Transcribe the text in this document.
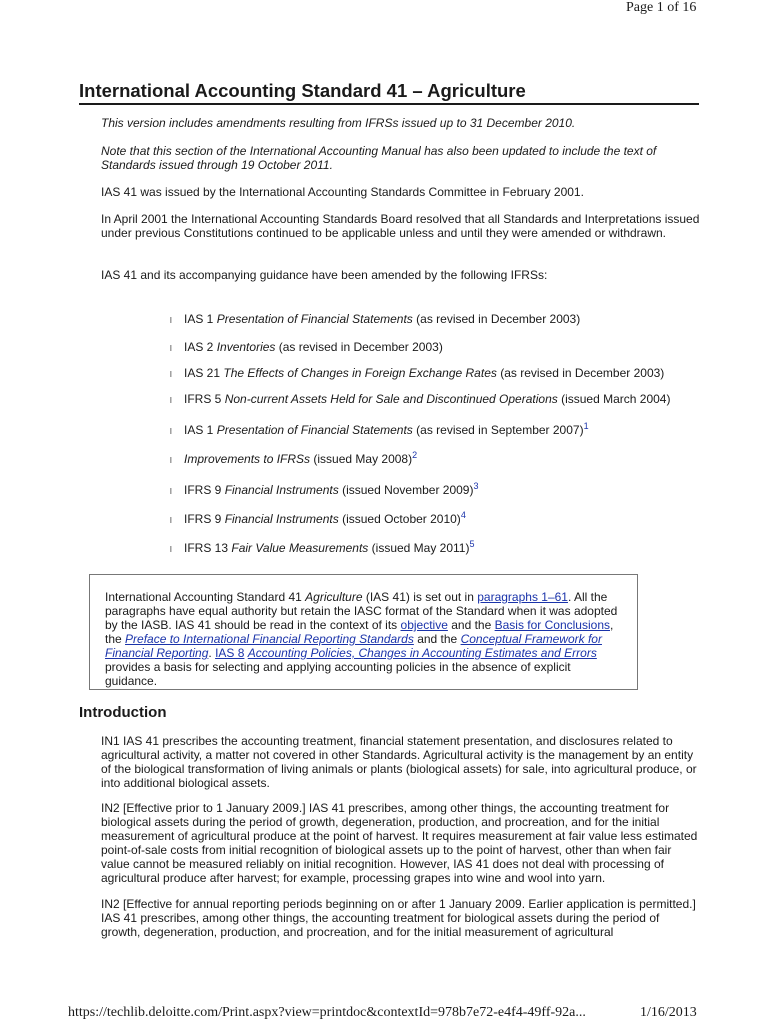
Page 1 of 16
International Accounting Standard 41 – Agriculture

This version includes amendments resulting from IFRSs issued up to 31 December 2010.

Note that this section of the International Accounting Manual has also been updated to include the text of Standards issued through 19 October 2011.

IAS 41 was issued by the International Accounting Standards Committee in February 2001.

In April 2001 the International Accounting Standards Board resolved that all Standards and Interpretations issued under previous Constitutions continued to be applicable unless and until they were amended or withdrawn.

IAS 41 and its accompanying guidance have been amended by the following IFRSs:

l IAS 1 Presentation of Financial Statements (as revised in December 2003)
l IAS 2 Inventories (as revised in December 2003)
l IAS 21 The Effects of Changes in Foreign Exchange Rates (as revised in December 2003)
l IFRS 5 Non-current Assets Held for Sale and Discontinued Operations (issued March 2004)
l IAS 1 Presentation of Financial Statements (as revised in September 2007)$^1$
l Improvements to IFRSs (issued May 2008)$^2$
l IFRS 9 Financial Instruments (issued November 2009)$^3$
l IFRS 9 Financial Instruments (issued October 2010)$^4$
l IFRS 13 Fair Value Measurements (issued May 2011)$^5$

International Accounting Standard 41 Agriculture (IAS 41) is set out in paragraphs 1–61. All the paragraphs have equal authority but retain the IASC format of the Standard when it was adopted by the IASB. IAS 41 should be read in the context of its objective and the Basis for Conclusions, the Preface to International Financial Reporting Standards and the Conceptual Framework for Financial Reporting. IAS 8 Accounting Policies, Changes in Accounting Estimates and Errors provides a basis for selecting and applying accounting policies in the absence of explicit guidance.

Introduction

IN1 IAS 41 prescribes the accounting treatment, financial statement presentation, and disclosures related to agricultural activity, a matter not covered in other Standards. Agricultural activity is the management by an entity of the biological transformation of living animals or plants (biological assets) for sale, into agricultural produce, or into additional biological assets.

IN2 [Effective prior to 1 January 2009.] IAS 41 prescribes, among other things, the accounting treatment for biological assets during the period of growth, degeneration, production, and procreation, and for the initial measurement of agricultural produce at the point of harvest. It requires measurement at fair value less estimated point-of-sale costs from initial recognition of biological assets up to the point of harvest, other than when fair value cannot be measured reliably on initial recognition. However, IAS 41 does not deal with processing of agricultural produce after harvest; for example, processing grapes into wine and wool into yarn.

IN2 [Effective for annual reporting periods beginning on or after 1 January 2009. Earlier application is permitted.] IAS 41 prescribes, among other things, the accounting treatment for biological assets during the period of growth, degeneration, production, and procreation, and for the initial measurement of agricultural

https://techlib.deloitte.com/Print.aspx?view=printdoc&contextId=978b7e72-e4f4-49ff-92a...	1/16/2013
